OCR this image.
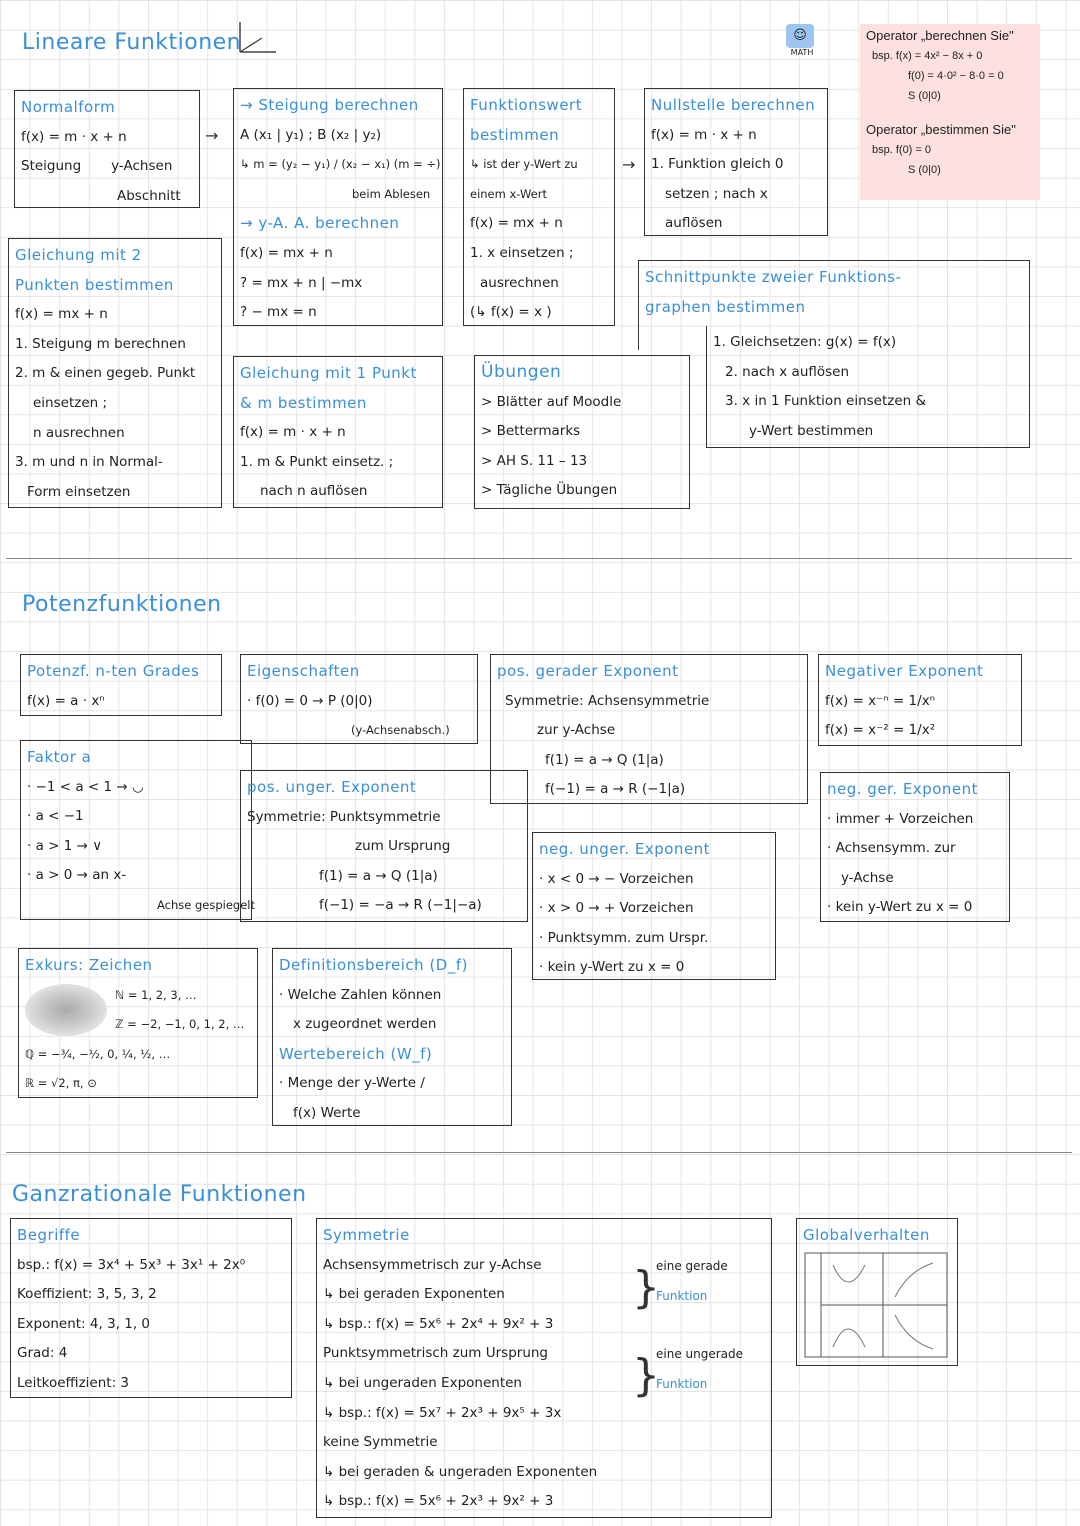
Lineare Funktionen	☺
MATH
Operator „berechnen Sie"
bsp. f(x) = 4x² − 8x + 0
f(0) = 4·0² − 8·0 = 0
S (0|0)
Operator „bestimmen Sie"
bsp. f(0) = 0
S (0|0)
Normalform
f(x) = m · x + n
Steigung y-Achsen
Abschnitt
→
→ Steigung berechnen
A (x₁ | y₁) ; B (x₂ | y₂)
↳ m = (y₂ − y₁) / (x₂ − x₁) (m = ÷)
beim Ablesen
→ y-A. A. berechnen
f(x) = mx + n
? = mx + n | −mx
? − mx = n
Funktionswert
bestimmen
↳ ist der y-Wert zu
einem x-Wert
f(x) = mx + n
1. x einsetzen ;
ausrechnen
(↳ f(x) = x )
→
Nullstelle berechnen
f(x) = m · x + n
1. Funktion gleich 0
setzen ; nach x
auflösen
Gleichung mit 2
Punkten bestimmen
f(x) = mx + n
1. Steigung m berechnen
2. m & einen gegeb. Punkt
einsetzen ;
n ausrechnen
3. m und n in Normal-
Form einsetzen
Gleichung mit 1 Punkt
& m bestimmen
f(x) = m · x + n
1. m & Punkt einsetz. ;
nach n auflösen
Übungen
> Blätter auf Moodle
> Bettermarks
> AH S. 11 – 13
> Tägliche Übungen
Schnittpunkte zweier Funktions-
graphen bestimmen
1. Gleichsetzen: g(x) = f(x)
2. nach x auflösen
3. x in 1 Funktion einsetzen &
y-Wert bestimmen
Potenzfunktionen
Potenzf. n-ten Grades
f(x) = a · xⁿ
Eigenschaften
· f(0) = 0 → P (0|0)
(y-Achsenabsch.)
pos. gerader Exponent
Symmetrie: Achsensymmetrie
zur y-Achse
f(1) = a → Q (1|a)
f(−1) = a → R (−1|a)
Negativer Exponent
f(x) = x⁻ⁿ = 1/xⁿ
f(x) = x⁻² = 1/x²
Faktor a
· −1 < a < 1 → ◡
· a < −1
· a > 1 → ∨
· a > 0 → an x-
Achse gespiegelt
pos. unger. Exponent
Symmetrie: Punktsymmetrie
zum Ursprung
f(1) = a → Q (1|a)
f(−1) = −a → R (−1|−a)
neg. ger. Exponent
· immer + Vorzeichen
· Achsensymm. zur
y-Achse
· kein y-Wert zu x = 0
neg. unger. Exponent
· x < 0 → − Vorzeichen
· x > 0 → + Vorzeichen
· Punktsymm. zum Urspr.
· kein y-Wert zu x = 0
Exkurs: Zeichen
ℕ = 1, 2, 3, …
ℤ = −2, −1, 0, 1, 2, …
ℚ = −¾, −½, 0, ¼, ½, …
ℝ = √2, π, ⊙
Definitionsbereich (D_f)
· Welche Zahlen können
x zugeordnet werden
Wertebereich (W_f)
· Menge der y-Werte /
f(x) Werte
Ganzrationale Funktionen
Begriffe
bsp.: f(x) = 3x⁴ + 5x³ + 3x¹ + 2x⁰
Koeffizient: 3, 5, 3, 2
Exponent: 4, 3, 1, 0
Grad: 4
Leitkoeffizient: 3
Symmetrie
Achsensymmetrisch zur y-Achse
↳ bei geraden Exponenten
↳ bsp.: f(x) = 5x⁶ + 2x⁴ + 9x² + 3
Punktsymmetrisch zum Ursprung
↳ bei ungeraden Exponenten
↳ bsp.: f(x) = 5x⁷ + 2x³ + 9x⁵ + 3x
keine Symmetrie
↳ bei geraden & ungeraden Exponenten
↳ bsp.: f(x) = 5x⁶ + 2x³ + 9x² + 3
}
}
eine gerade
Funktion
eine ungerade
Funktion
Globalverhalten
